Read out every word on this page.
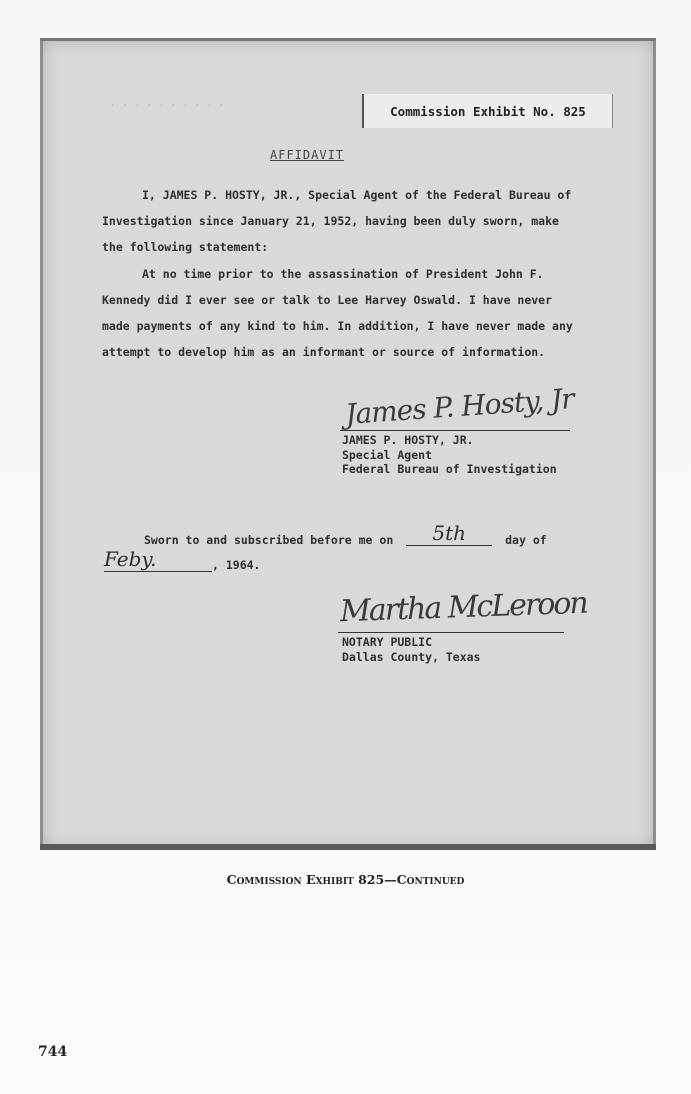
. . . . . . . . . .	Commission Exhibit No. 825
AFFIDAVIT

I, JAMES P. HOSTY, JR., Special Agent of the Federal Bureau of Investigation since January 21, 1952, having been duly sworn, make the following statement:

At no time prior to the assassination of President John F. Kennedy did I ever see or talk to Lee Harvey Oswald. I have never made payments of any kind to him. In addition, I have never made any attempt to develop him as an informant or source of information.

James P. Hosty, Jr
JAMES P. HOSTY, JR.
Special Agent
Federal Bureau of Investigation
Sworn to and subscribed before me on 5th	day of
Feby.	, 1964.
Martha McLeroon
NOTARY PUBLIC
Dallas County, Texas
Commission Exhibit 825—Continued
744
